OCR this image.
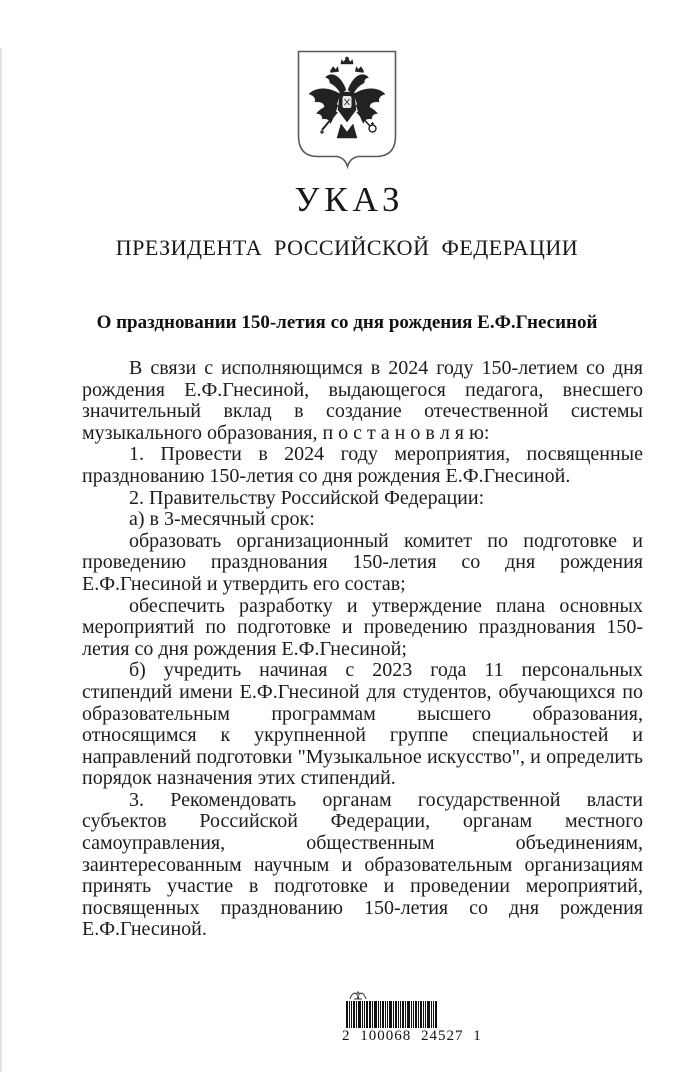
УКАЗ
ПРЕЗИДЕНТА РОССИЙСКОЙ ФЕДЕРАЦИИ
О праздновании 150-летия со дня рождения Е.Ф.Гнесиной

В связи с исполняющимся в 2024 году 150-летием со дня рождения Е.Ф.Гнесиной, выдающегося педагога, внесшего значительный вклад в создание отечественной системы музыкального образования, п о с т а н о в л я ю:

1. Провести в 2024 году мероприятия, посвященные празднованию 150-летия со дня рождения Е.Ф.Гнесиной.

2. Правительству Российской Федерации:

а) в 3-месячный срок:

образовать организационный комитет по подготовке и проведению празднования 150-летия со дня рождения Е.Ф.Гнесиной и утвердить его состав;

обеспечить разработку и утверждение плана основных мероприятий по подготовке и проведению празднования 150-летия со дня рождения Е.Ф.Гнесиной;

б) учредить начиная с 2023 года 11 персональных стипендий имени Е.Ф.Гнесиной для студентов, обучающихся по образовательным программам высшего образования, относящимся к укрупненной группе специальностей и направлений подготовки "Музыкальное искусство", и определить порядок назначения этих стипендий.

3. Рекомендовать органам государственной власти субъектов Российской Федерации, органам местного самоуправления, общественным объединениям, заинтересованным научным и образовательным организациям принять участие в подготовке и проведении мероприятий, посвященных празднованию 150-летия со дня рождения Е.Ф.Гнесиной.

2 100068 24527 1
